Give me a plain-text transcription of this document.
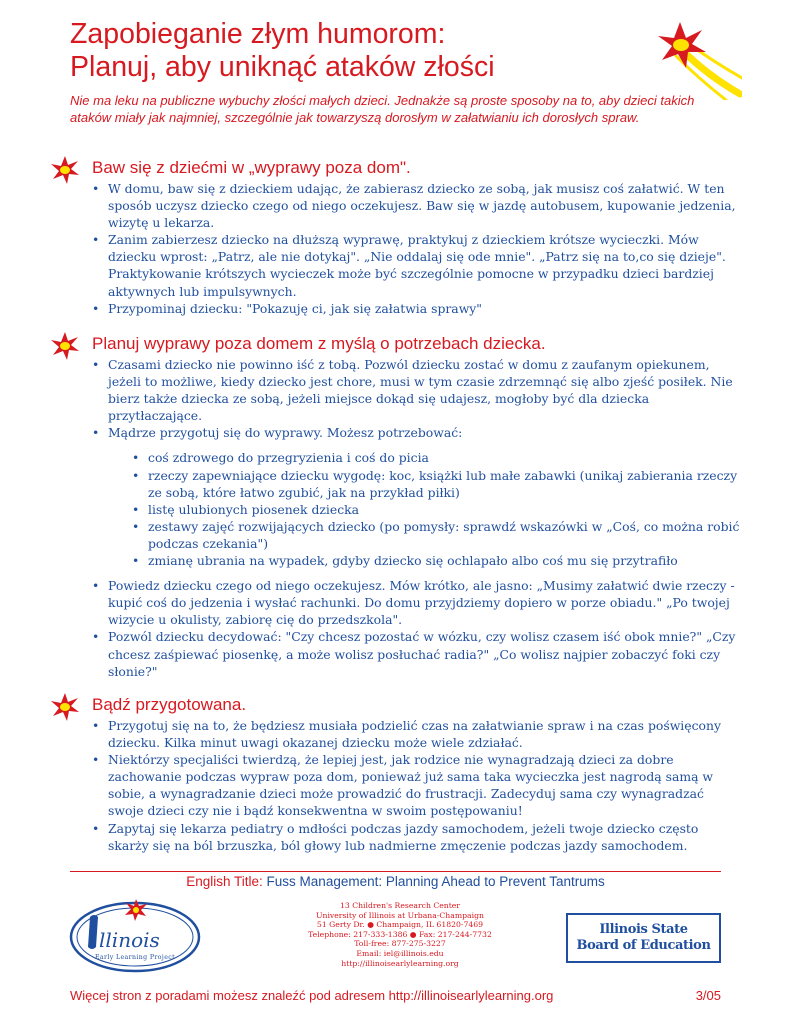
Zapobieganie złym humorom:
Planuj, aby uniknąć ataków złości
Nie ma leku na publiczne wybuchy złości małych dzieci. Jednakże są proste sposoby na to, aby dzieci takich ataków miały jak najmniej, szczególnie jak towarzyszą dorosłym w załatwianiu ich dorosłych spraw.
Baw się z dziećmi w „wyprawy poza dom".
• W domu, baw się z dzieckiem udając, że zabierasz dziecko ze sobą, jak musisz coś załatwić. W ten sposób uczysz dziecko czego od niego oczekujesz. Baw się w jazdę autobusem, kupowanie jedzenia, wizytę u lekarza.
• Zanim zabierzesz dziecko na dłuższą wyprawę, praktykuj z dzieckiem krótsze wycieczki. Mów dziecku wprost: „Patrz, ale nie dotykaj". „Nie oddalaj się ode mnie". „Patrz się na to,co się dzieje". Praktykowanie krótszych wycieczek może być szczególnie pomocne w przypadku dzieci bardziej aktywnych lub impulsywnych.
• Przypominaj dziecku: "Pokazuję ci, jak się załatwia sprawy"
Planuj wyprawy poza domem z myślą o potrzebach dziecka.
• Czasami dziecko nie powinno iść z tobą. Pozwól dziecku zostać w domu z zaufanym opiekunem, jeżeli to możliwe, kiedy dziecko jest chore, musi w tym czasie zdrzemnąć się albo zjeść posiłek. Nie bierz także dziecka ze sobą, jeżeli miejsce dokąd się udajesz, mogłoby być dla dziecka przytłaczające.
• Mądrze przygotuj się do wyprawy. Możesz potrzebować:
• coś zdrowego do przegryzienia i coś do picia
• rzeczy zapewniające dziecku wygodę: koc, książki lub małe zabawki (unikaj zabierania rzeczy ze sobą, które łatwo zgubić, jak na przykład piłki)
• listę ulubionych piosenek dziecka
• zestawy zajęć rozwijających dziecko (po pomysły: sprawdź wskazówki w „Coś, co można robić podczas czekania")
• zmianę ubrania na wypadek, gdyby dziecko się ochlapało albo coś mu się przytrafiło
• Powiedz dziecku czego od niego oczekujesz. Mów krótko, ale jasno: „Musimy załatwić dwie rzeczy - kupić coś do jedzenia i wysłać rachunki. Do domu przyjdziemy dopiero w porze obiadu." „Po twojej wizycie u okulisty, zabiorę cię do przedszkola".
• Pozwól dziecku decydować: "Czy chcesz pozostać w wózku, czy wolisz czasem iść obok mnie?" „Czy chcesz zaśpiewać piosenkę, a może wolisz posłuchać radia?" „Co wolisz najpier zobaczyć foki czy słonie?"
Bądź przygotowana.
• Przygotuj się na to, że będziesz musiała podzielić czas na załatwianie spraw i na czas poświęcony dziecku. Kilka minut uwagi okazanej dziecku może wiele zdziałać.
• Niektórzy specjaliści twierdzą, że lepiej jest, jak rodzice nie wynagradzają dzieci za dobre zachowanie podczas wypraw poza dom, ponieważ już sama taka wycieczka jest nagrodą samą w sobie, a wynagradzanie dzieci może prowadzić do frustracji. Zadecyduj sama czy wynagradzać swoje dzieci czy nie i bądź konsekwentna w swoim postępowaniu!
• Zapytaj się lekarza pediatry o mdłości podczas jazdy samochodem, jeżeli twoje dziecko często skarży się na ból brzuszka, ból głowy lub nadmierne zmęczenie podczas jazdy samochodem.
English Title: Fuss Management: Planning Ahead to Prevent Tantrums
llinois
Early Learning Project
13 Children's Research Center
University of Illinois at Urbana-Champaign
51 Gerty Dr. ● Champaign, IL 61820-7469
Telephone: 217-333-1386 ● Fax: 217-244-7732
Toll-free: 877-275-3227
Email: iel@illinois.edu
http://illinoisearlylearning.org
Illinois State
Board of Education
Więcej stron z poradami możesz znaleźć pod adresem http://illinoisearlylearning.org	3/05
